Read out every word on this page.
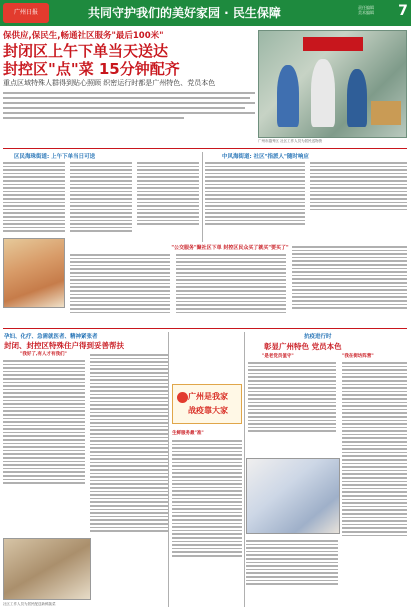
广州日报	共同守护我们的美好家园 · 民生保障	责任编辑
美术编辑	7
保供应,保民生,畅通社区服务"最后100米"
封闭区上午下单当天送达
封控区"点"菜 15分钟配齐
重点区域特殊人群得到贴心照顾 织密运行时都是广州特色、党员本色
广州市越秀区 社区工作人员为居民送物资
区民海珠街道: 上午下单当日可送	中风海街道: 社区"指派人"随时响应
"公交服务"聚社区下单 封控区民众买了就买"要买了"
孕妇、化疗、急需就医者、精神紧张者
封闭、封控区特殊住户得到妥善帮扶
"我好了,有人才有我们"
社区工作人员为居民配送新鲜蔬菜
广州是我家
战疫靠大家
生鲜服务最"准"
抗疫进行时
彰显广州特色 党员本色
"是老党员值守"	"我在街坊阵营"
